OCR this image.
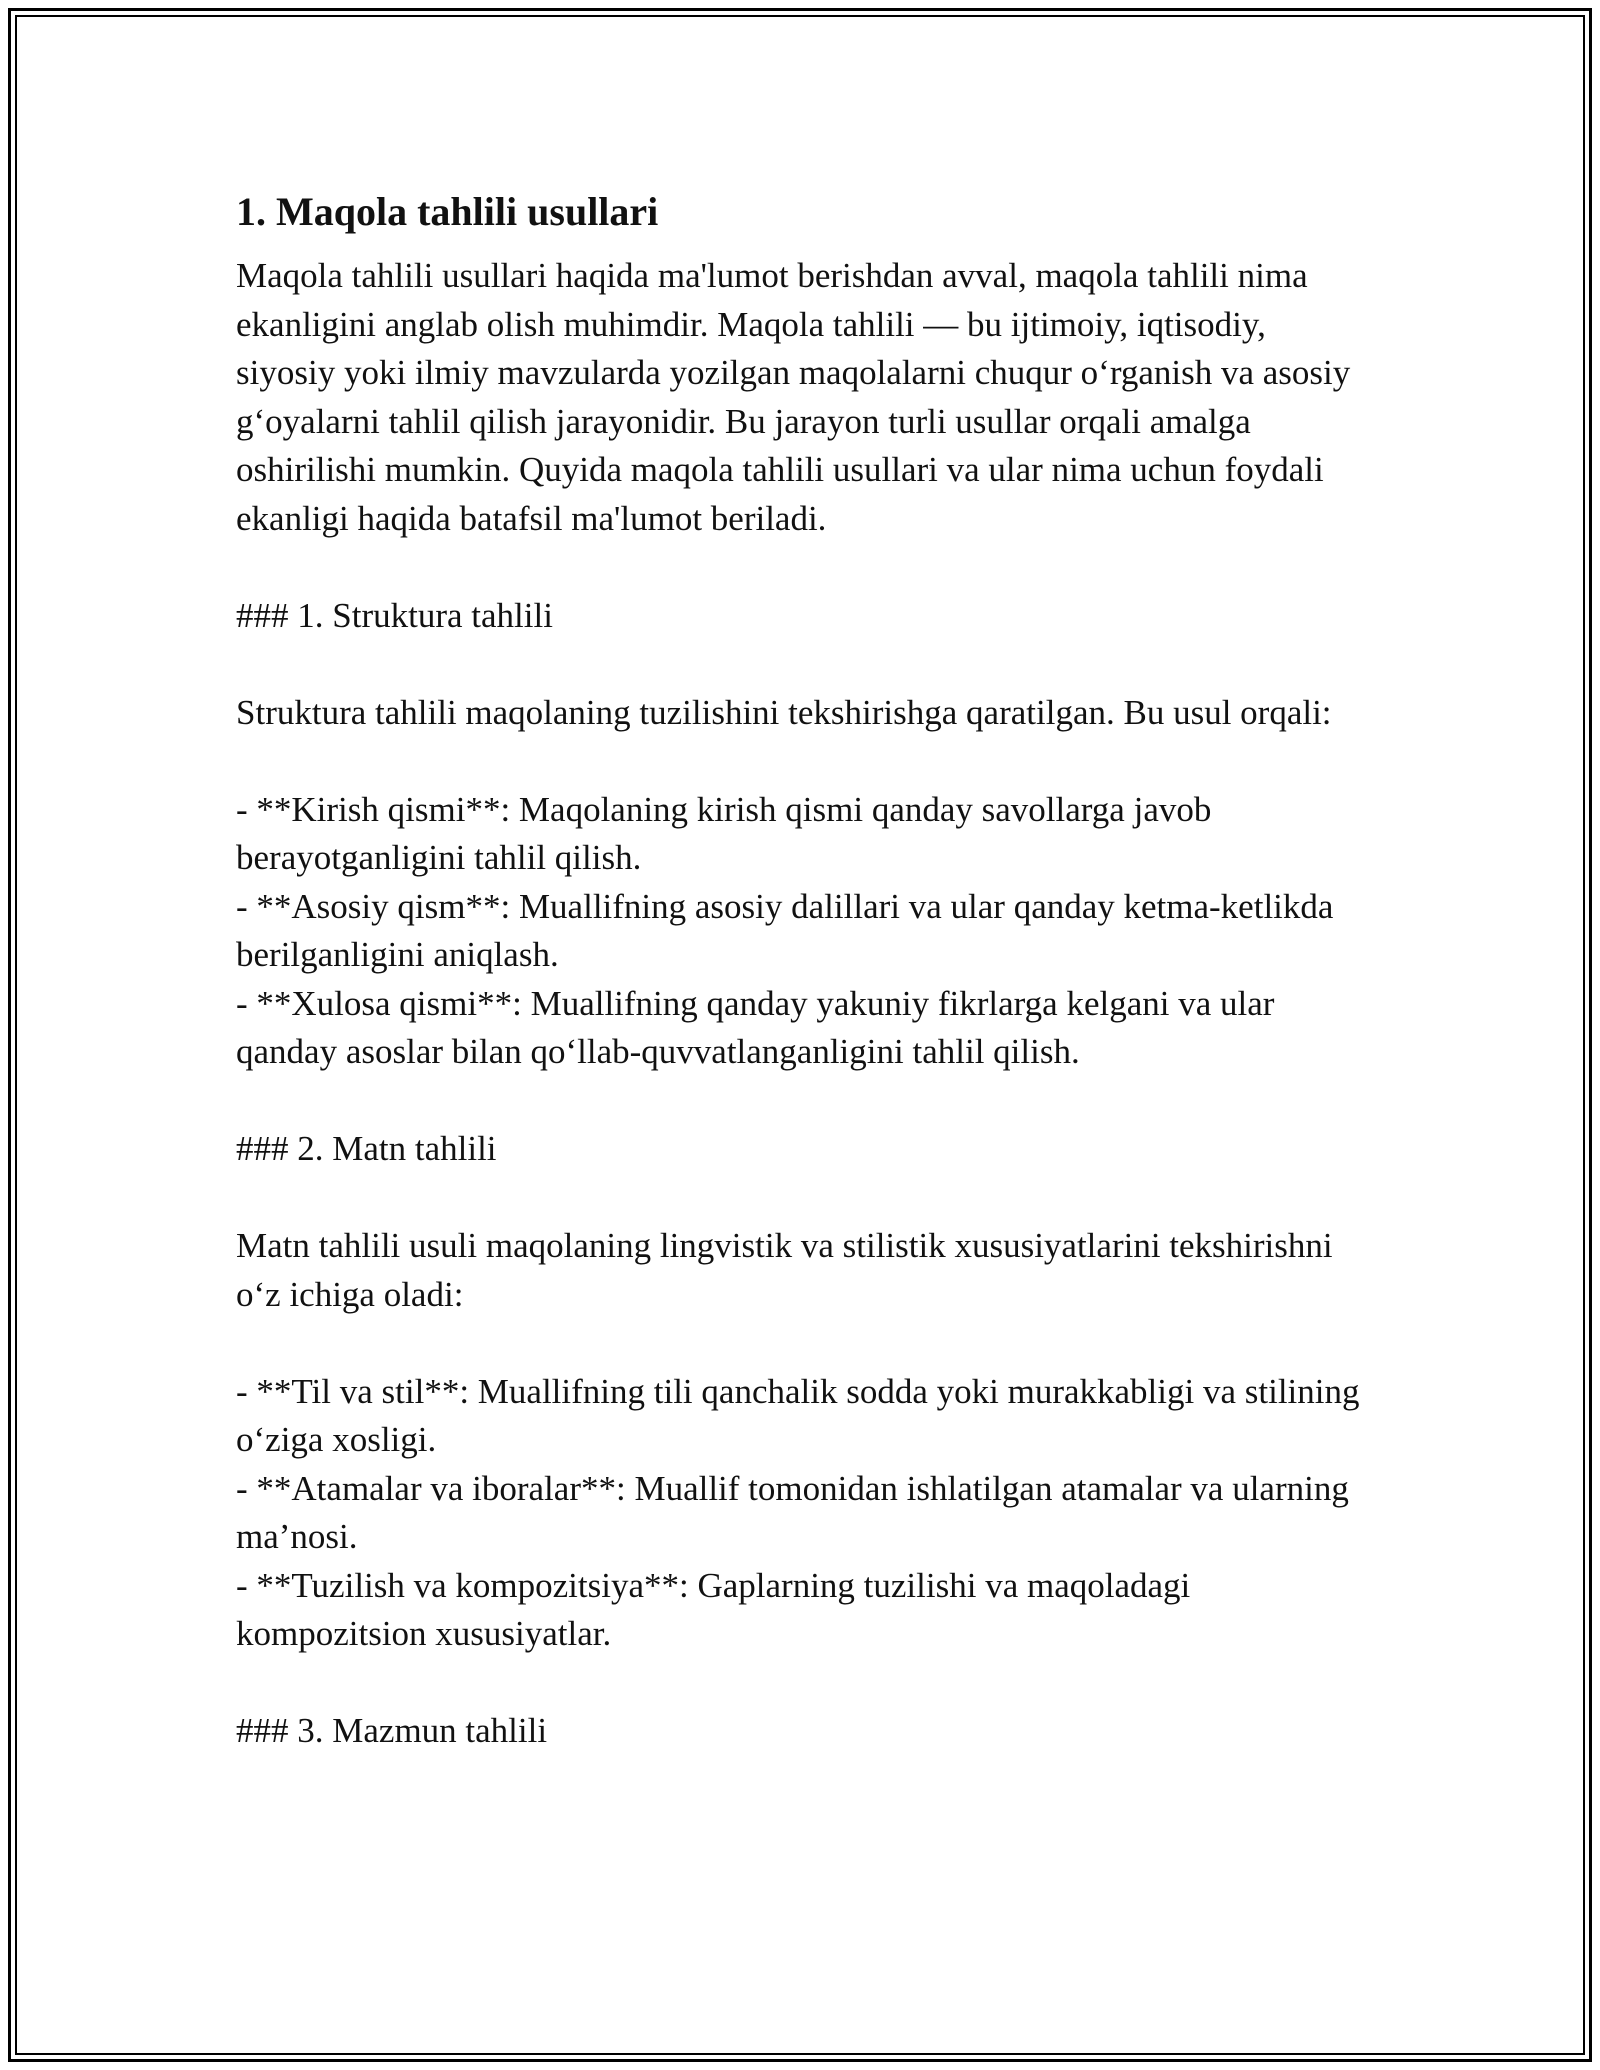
1. Maqola tahlili usullari

Maqola tahlili usullari haqida ma'lumot berishdan avval, maqola tahlili nima ekanligini anglab olish muhimdir. Maqola tahlili — bu ijtimoiy, iqtisodiy, siyosiy yoki ilmiy mavzularda yozilgan maqolalarni chuqur oʻrganish va asosiy gʻoyalarni tahlil qilish jarayonidir. Bu jarayon turli usullar orqali amalga oshirilishi mumkin. Quyida maqola tahlili usullari va ular nima uchun foydali ekanligi haqida batafsil ma'lumot beriladi.

### 1. Struktura tahlili

Struktura tahlili maqolaning tuzilishini tekshirishga qaratilgan. Bu usul orqali:

- **Kirish qismi**: Maqolaning kirish qismi qanday savollarga javob berayotganligini tahlil qilish.

- **Asosiy qism**: Muallifning asosiy dalillari va ular qanday ketma-ketlikda berilganligini aniqlash.

- **Xulosa qismi**: Muallifning qanday yakuniy fikrlarga kelgani va ular qanday asoslar bilan qoʻllab-quvvatlanganligini tahlil qilish.

### 2. Matn tahlili

Matn tahlili usuli maqolaning lingvistik va stilistik xususiyatlarini tekshirishni oʻz ichiga oladi:

- **Til va stil**: Muallifning tili qanchalik sodda yoki murakkabligi va stilining oʻziga xosligi.

- **Atamalar va iboralar**: Muallif tomonidan ishlatilgan atamalar va ularning ma’nosi.

- **Tuzilish va kompozitsiya**: Gaplarning tuzilishi va maqoladagi kompozitsion xususiyatlar.

### 3. Mazmun tahlili
